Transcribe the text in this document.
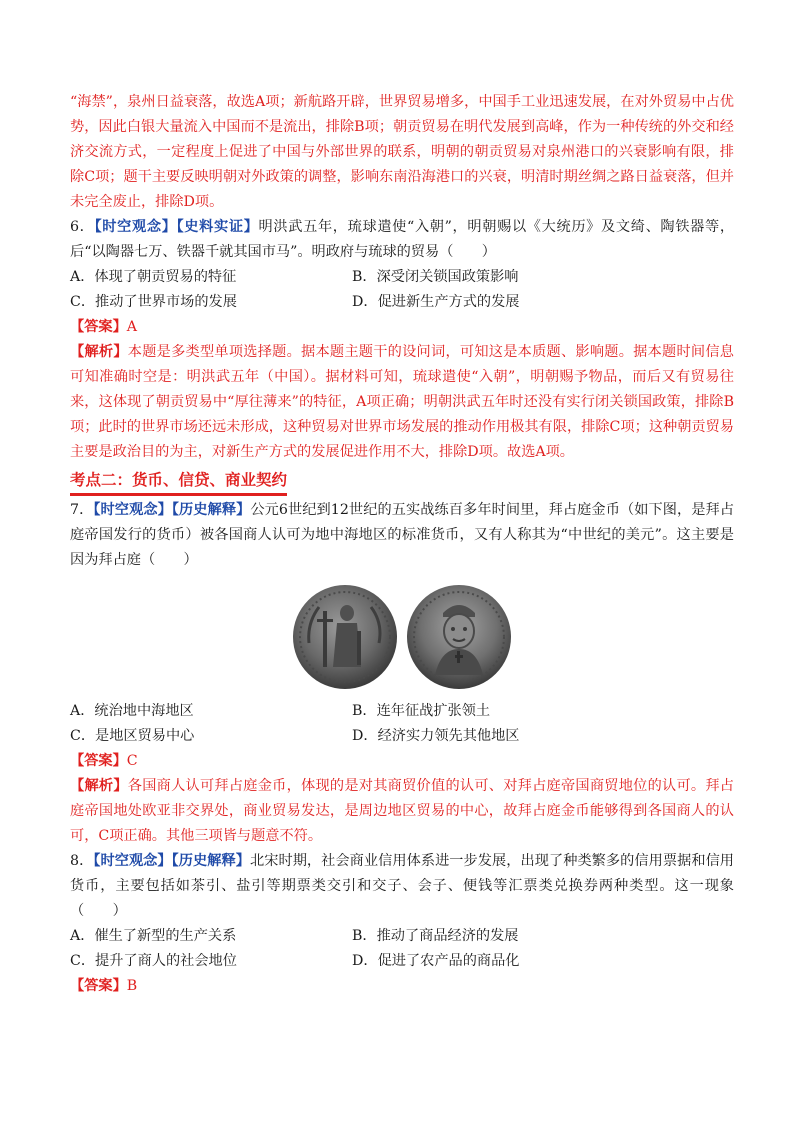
“海禁”，泉州日益衰落，故选A项；新航路开辟，世界贸易增多，中国手工业迅速发展，在对外贸易中占优势，因此白银大量流入中国而不是流出，排除B项；朝贡贸易在明代发展到高峰，作为一种传统的外交和经济交流方式，一定程度上促进了中国与外部世界的联系，明朝的朝贡贸易对泉州港口的兴衰影响有限，排除C项；题干主要反映明朝对外政策的调整，影响东南沿海港口的兴衰，明清时期丝绸之路日益衰落，但并未完全废止，排除D项。

6．【时空观念】【史料实证】明洪武五年，琉球遣使“入朝”，明朝赐以《大统历》及文绮、陶铁器等，后“以陶器七万、铁器千就其国市马”。明政府与琉球的贸易（　　）

A．体现了朝贡贸易的特征	B．深受闭关锁国政策影响
C．推动了世界市场的发展	D．促进新生产方式的发展

【答案】A

【解析】本题是多类型单项选择题。据本题主题干的设问词，可知这是本质题、影响题。据本题时间信息可知准确时空是：明洪武五年（中国）。据材料可知，琉球遣使“入朝”，明朝赐予物品，而后又有贸易往来，这体现了朝贡贸易中“厚往薄来”的特征，A项正确；明朝洪武五年时还没有实行闭关锁国政策，排除B项；此时的世界市场还远未形成，这种贸易对世界市场发展的推动作用极其有限，排除C项；这种朝贡贸易主要是政治目的为主，对新生产方式的发展促进作用不大，排除D项。故选A项。

考点二：货币、信贷、商业契约

7．【时空观念】【历史解释】公元6世纪到12世纪的五实战练百多年时间里，拜占庭金币（如下图，是拜占庭帝国发行的货币）被各国商人认可为地中海地区的标准货币，又有人称其为“中世纪的美元”。这主要是因为拜占庭（　　）

A．统治地中海地区	B．连年征战扩张领土
C．是地区贸易中心	D．经济实力领先其他地区

【答案】C

【解析】各国商人认可拜占庭金币，体现的是对其商贸价值的认可、对拜占庭帝国商贸地位的认可。拜占庭帝国地处欧亚非交界处，商业贸易发达，是周边地区贸易的中心，故拜占庭金币能够得到各国商人的认可，C项正确。其他三项皆与题意不符。

8．【时空观念】【历史解释】北宋时期，社会商业信用体系进一步发展，出现了种类繁多的信用票据和信用货币，主要包括如茶引、盐引等期票类交引和交子、会子、便钱等汇票类兑换券两种类型。这一现象（　　）

A．催生了新型的生产关系	B．推动了商品经济的发展
C．提升了商人的社会地位	D．促进了农产品的商品化

【答案】B
